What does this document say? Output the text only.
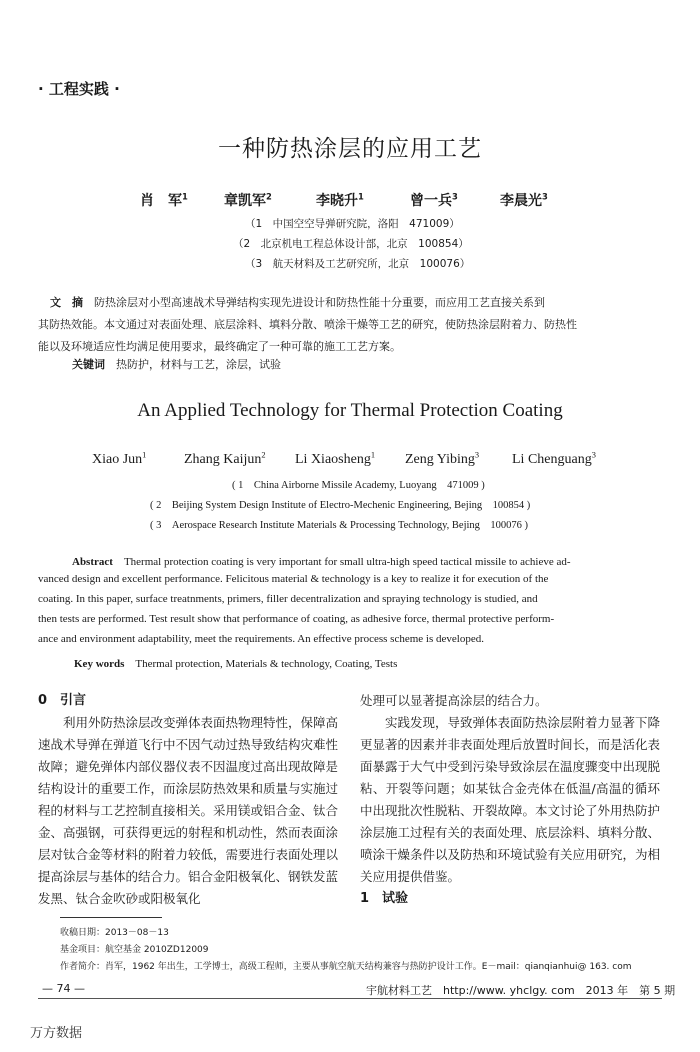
· 工程实践 ·
一种防热涂层的应用工艺
肖　军$^1$	章凯军$^2$	李晓升$^1$	曾一兵$^3$	李晨光$^3$
（1　中国空空导弹研究院，洛阳　471009）
（2　北京机电工程总体设计部，北京　100854）
（3　航天材料及工艺研究所，北京　100076）
文　摘　 防热涂层对小型高速战术导弹结构实现先进设计和防热性能十分重要，而应用工艺直接关系到
其防热效能。本文通过对表面处理、底层涂料、填料分散、喷涂干燥等工艺的研究，使防热涂层附着力、防热性
能以及环境适应性均满足使用要求，最终确定了一种可靠的施工工艺方案。
关键词　 热防护，材料与工艺，涂层，试验
An Applied Technology for Thermal Protection Coating
Xiao Jun$^1$	Zhang Kaijun$^2$ Li Xiaosheng$^1$ Zeng Yibing$^3$ Li Chenguang$^3$
( 1　China Airborne Missile Academy, Luoyang　471009 )
( 2　Beijing System Design Institute of Electro-Mechenic Engineering, Bejing　100854 )
( 3　Aerospace Research Institute Materials & Processing Technology, Bejing　100076 )
Abstract　 Thermal protection coating is very important for small ultra-high speed tactical missile to achieve ad-
vanced design and excellent performance. Felicitous material & technology is a key to realize it for execution of the
coating. In this paper, surface treatnments, primers, filler decentralization and spraying technology is studied, and
then tests are performed. Test result show that performance of coating, as adhesive force, thermal protective perform-
ance and environment adaptability, meet the requirements. An effective process scheme is developed.
Key words　 Thermal protection, Materials & technology, Coating, Tests
0　引言

利用外防热涂层改变弹体表面热物理特性，保障高速战术导弹在弹道飞行中不因气动过热导致结构灾难性故障；避免弹体内部仪器仪表不因温度过高出现故障是结构设计的重要工作，而涂层防热效果和质量与实施过程的材料与工艺控制直接相关。采用镁或铝合金、钛合金、高强钢，可获得更远的射程和机动性，然而表面涂层对钛合金等材料的附着力较低，需要进行表面处理以提高涂层与基体的结合力。铝合金阳极氧化、钢铁发蓝发黑、钛合金吹砂或阳极氧化

处理可以显著提高涂层的结合力。

实践发现，导致弹体表面防热涂层附着力显著下降更显著的因素并非表面处理后放置时间长，而是活化表面暴露于大气中受到污染导致涂层在温度骤变中出现脱粘、开裂等问题；如某钛合金壳体在低温/高温的循环中出现批次性脱粘、开裂故障。本文讨论了外用热防护涂层施工过程有关的表面处理、底层涂料、填料分散、喷涂干燥条件以及防热和环境试验有关应用研究，为相关应用提供借鉴。

1　试验
收稿日期：2013－08－13
基金项目：航空基金 2010ZD12009
作者简介：肖军，1962 年出生，工学博士，高级工程师，主要从事航空航天结构兼容与热防护设计工作。E－mail：qianqianhui@ 163. com
— 74 —	宇航材料工艺　http://www. yhclgy. com　2013 年　第 5 期
万方数据
